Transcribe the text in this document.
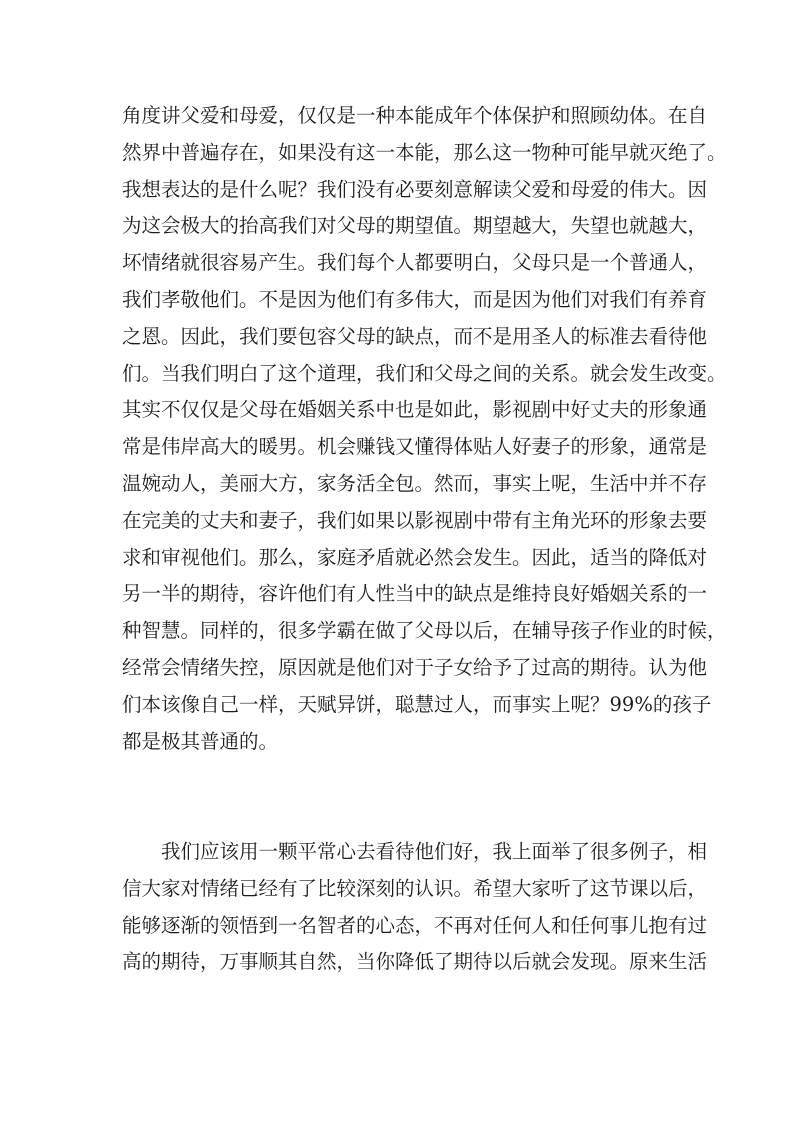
角度讲父爱和母爱，仅仅是一种本能成年个体保护和照顾幼体。在自
然界中普遍存在，如果没有这一本能，那么这一物种可能早就灭绝了。
我想表达的是什么呢？我们没有必要刻意解读父爱和母爱的伟大。因
为这会极大的抬高我们对父母的期望值。期望越大，失望也就越大，
坏情绪就很容易产生。我们每个人都要明白，父母只是一个普通人，
我们孝敬他们。不是因为他们有多伟大，而是因为他们对我们有养育
之恩。因此，我们要包容父母的缺点，而不是用圣人的标准去看待他
们。当我们明白了这个道理，我们和父母之间的关系。就会发生改变。
其实不仅仅是父母在婚姻关系中也是如此，影视剧中好丈夫的形象通
常是伟岸高大的暖男。机会赚钱又懂得体贴人好妻子的形象，通常是
温婉动人，美丽大方，家务活全包。然而，事实上呢，生活中并不存
在完美的丈夫和妻子，我们如果以影视剧中带有主角光环的形象去要
求和审视他们。那么，家庭矛盾就必然会发生。因此，适当的降低对
另一半的期待，容许他们有人性当中的缺点是维持良好婚姻关系的一
种智慧。同样的，很多学霸在做了父母以后，在辅导孩子作业的时候，
经常会情绪失控，原因就是他们对于子女给予了过高的期待。认为他
们本该像自己一样，天赋异饼，聪慧过人，而事实上呢？99%的孩子
都是极其普通的。
我们应该用一颗平常心去看待他们好，我上面举了很多例子，相
信大家对情绪已经有了比较深刻的认识。希望大家听了这节课以后，
能够逐渐的领悟到一名智者的心态，不再对任何人和任何事儿抱有过
高的期待，万事顺其自然，当你降低了期待以后就会发现。原来生活
